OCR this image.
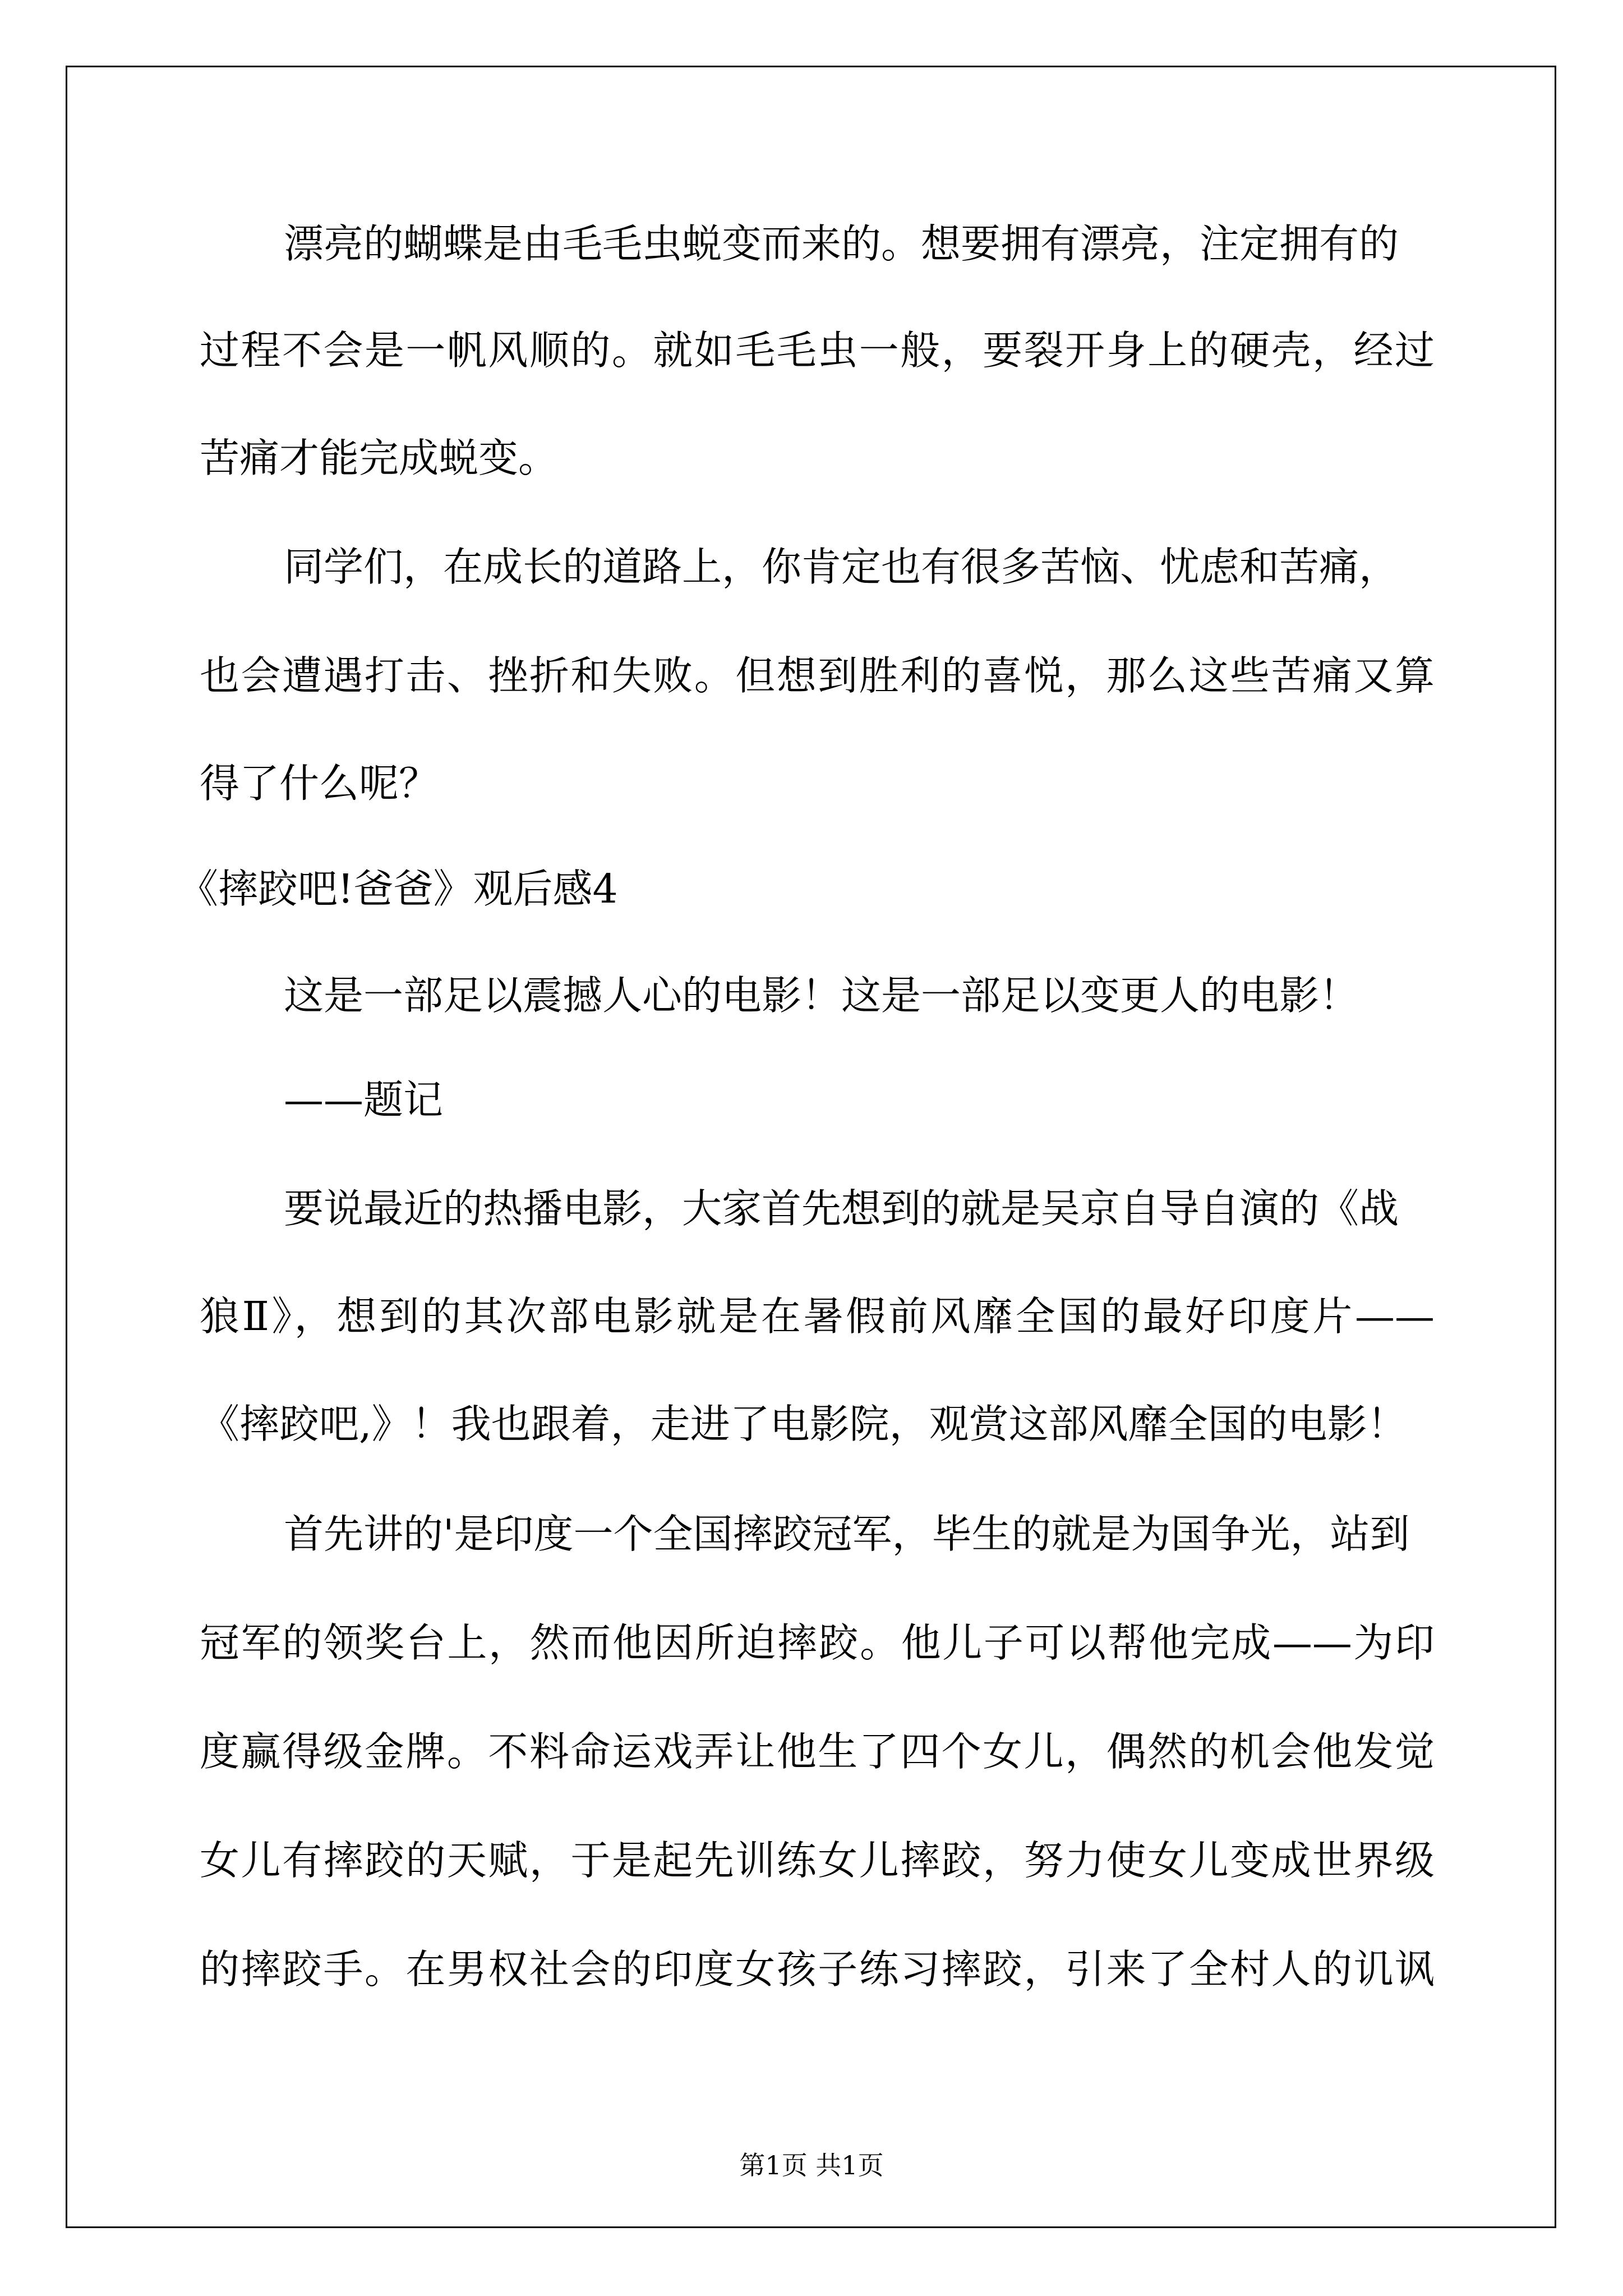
漂亮的蝴蝶是由毛毛虫蜕变而来的。想要拥有漂亮，注定拥有的
过程不会是一帆风顺的。就如毛毛虫一般，要裂开身上的硬壳，经过
苦痛才能完成蜕变。
同学们，在成长的道路上，你肯定也有很多苦恼、忧虑和苦痛，
也会遭遇打击、挫折和失败。但想到胜利的喜悦，那么这些苦痛又算
得了什么呢？
《摔跤吧!爸爸》观后感4
这是一部足以震撼人心的电影！这是一部足以变更人的电影！
——题记
要说最近的热播电影，大家首先想到的就是吴京自导自演的《战
狼Ⅱ》，想到的其次部电影就是在暑假前风靡全国的最好印度片——
《摔跤吧,》！我也跟着，走进了电影院，观赏这部风靡全国的电影！
首先讲的'是印度一个全国摔跤冠军，毕生的就是为国争光，站到
冠军的领奖台上，然而他因所迫摔跤。他儿子可以帮他完成——为印
度赢得级金牌。不料命运戏弄让他生了四个女儿，偶然的机会他发觉
女儿有摔跤的天赋，于是起先训练女儿摔跤，努力使女儿变成世界级
的摔跤手。在男权社会的印度女孩子练习摔跤，引来了全村人的讥讽
第1页 共1页
